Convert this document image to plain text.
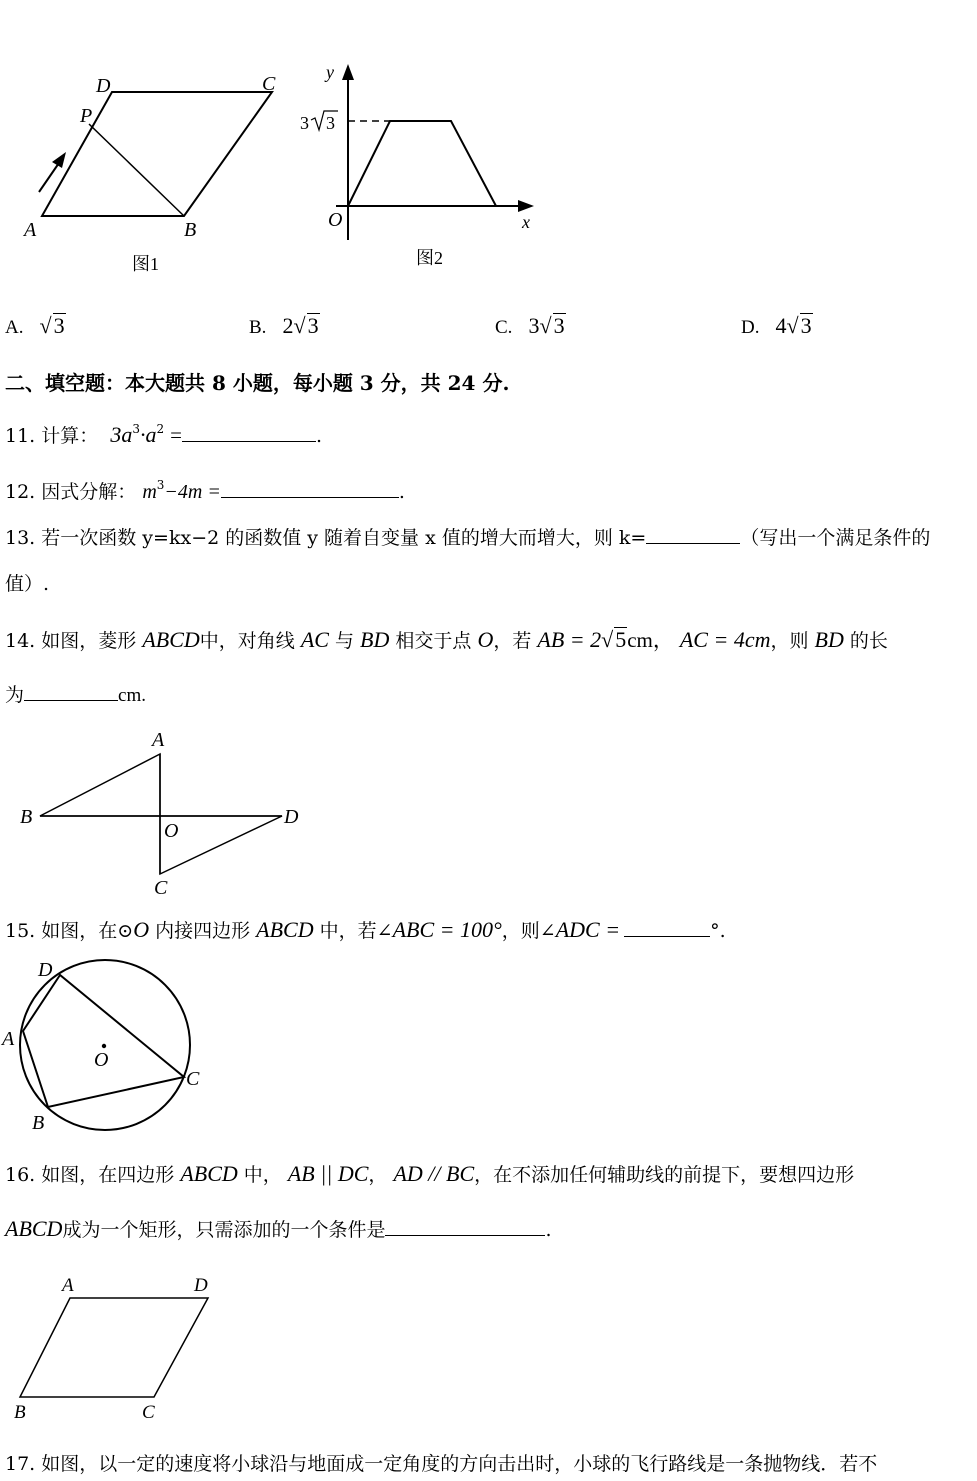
D	C
P
A	B
图1
y
x
O
3 3
图2
A. √3	B. 2√3	C. 3√3	D. 4√3
二、填空题：本大题共 8 小题，每小题 3 分，共 24 分.
11. 计算： $3a^3\cdot a^2$ =	.
12. 因式分解： $m^3-4m$ =	.
13. 若一次函数 y=kx−2 的函数值 y 随着自变量 x 值的增大而增大，则 k=	（写出一个满足条件的
值）.
14. 如图，菱形 ABCD中，对角线 AC 与 BD 相交于点 O，若 AB = 2√5cm， AC = 4cm，则 BD 的长
为	cm.
A
B	D
O
C
15. 如图，在⊙O 内接四边形 ABCD 中，若∠ABC = 100°，则∠ADC =	°.
D
A
O
C
B
16. 如图，在四边形 ABCD 中， AB || DC， AD // BC，在不添加任何辅助线的前提下，要想四边形
ABCD成为一个矩形，只需添加的一个条件是	.
A	D
B	C
17. 如图，以一定的速度将小球沿与地面成一定角度的方向击出时，小球的飞行路线是一条抛物线．若不
